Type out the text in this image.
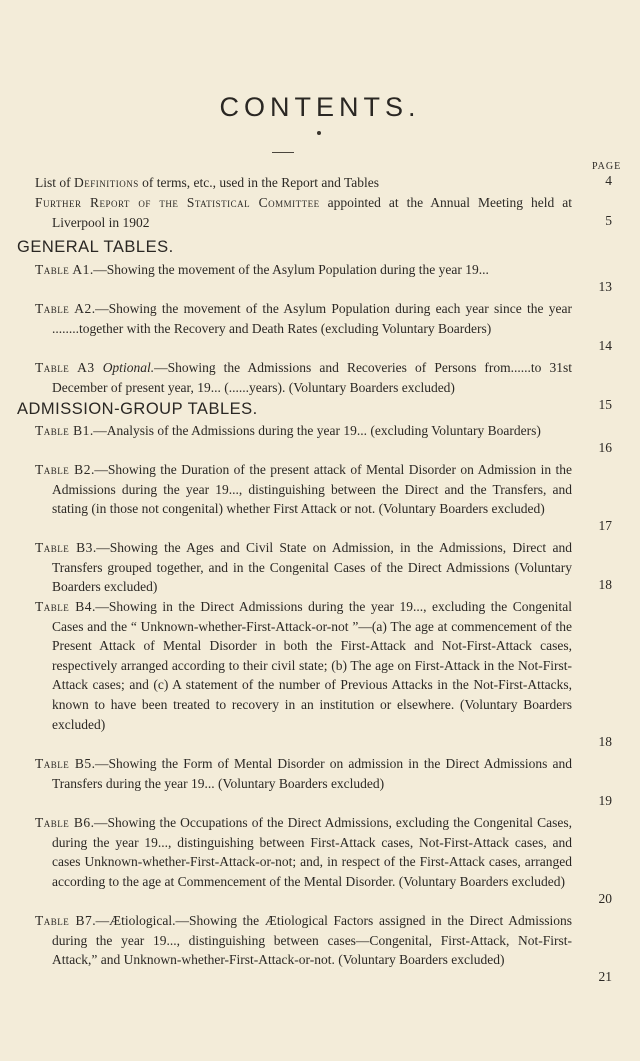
CONTENTS.
PAGE
List of Definitions of terms, etc., used in the Report and Tables	4
Further Report of the Statistical Committee appointed at the Annual Meeting held at Liverpool in 1902	5
GENERAL TABLES.
Table A1.—Showing the movement of the Asylum Population during the year 19...
13
Table A2.—Showing the movement of the Asylum Population during each year since the year ........together with the Recovery and Death Rates (excluding Voluntary Boarders)
14
Table A3 Optional.—Showing the Admissions and Recoveries of Persons from......to 31st December of present year, 19... (......years). (Voluntary Boarders excluded)
15
ADMISSION-GROUP TABLES.
Table B1.—Analysis of the Admissions during the year 19... (excluding Voluntary Boarders)
16
Table B2.—Showing the Duration of the present attack of Mental Disorder on Admission in the Admissions during the year 19..., distinguishing between the Direct and the Transfers, and stating (in those not congenital) whether First Attack or not. (Voluntary Boarders excluded)
17
Table B3.—Showing the Ages and Civil State on Admission, in the Admissions, Direct and Transfers grouped together, and in the Congenital Cases of the Direct Admissions (Voluntary Boarders excluded)	18
Table B4.—Showing in the Direct Admissions during the year 19..., excluding the Congenital Cases and the “ Unknown-whether-First-Attack-or-not ”—(a) The age at commencement of the Present Attack of Mental Disorder in both the First-Attack and Not-First-Attack cases, respectively arranged according to their civil state; (b) The age on First-Attack in the Not-First-Attack cases; and (c) A statement of the number of Previous Attacks in the Not-First-Attacks, known to have been treated to recovery in an institution or elsewhere. (Voluntary Boarders excluded)
18
Table B5.—Showing the Form of Mental Disorder on admission in the Direct Admissions and Transfers during the year 19... (Voluntary Boarders excluded)
19
Table B6.—Showing the Occupations of the Direct Admissions, excluding the Congenital Cases, during the year 19..., distinguishing between First-Attack cases, Not-First-Attack cases, and cases Unknown-whether-First-Attack-or-not; and, in respect of the First-Attack cases, arranged according to the age at Commencement of the Mental Disorder. (Voluntary Boarders excluded)
20
Table B7.—Ætiological.—Showing the Ætiological Factors assigned in the Direct Admissions during the year 19..., distinguishing between cases—Congenital, First-Attack, Not-First-Attack,” and Unknown-whether-First-Attack-or-not. (Voluntary Boarders excluded)
21
